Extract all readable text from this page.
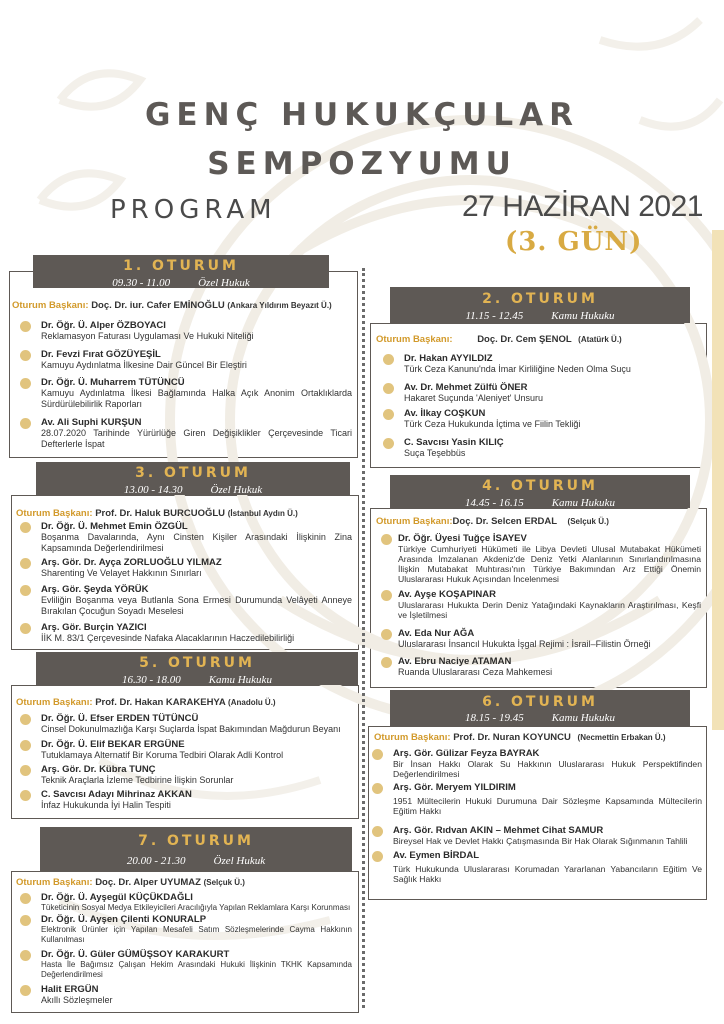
GENÇ HUKUKÇULAR
SEMPOZYUMU
PROGRAM	27 HAZİRAN 2021
(3. GÜN)
1. OTURUM
09.30 - 11.00	Özel Hukuk
Oturum Başkanı: Doç. Dr. iur. Cafer EMİNOĞLU (Ankara Yıldırım Beyazıt Ü.)
Dr. Öğr. Ü. Alper ÖZBOYACI
Reklamasyon Faturası Uygulaması Ve Hukuki Niteliği
Dr. Fevzi Fırat GÖZÜYEŞİL
Kamuyu Aydınlatma İlkesine Dair Güncel Bir Eleştiri
Dr. Öğr. Ü. Muharrem TÜTÜNCÜ
Kamuyu Aydınlatma İlkesi Bağlamında Halka Açık Anonim Ortaklıklarda Sürdürülebilirlik Raporları
Av. Ali Suphi KURŞUN
28.07.2020 Tarihinde Yürürlüğe Giren Değişiklikler Çerçevesinde Ticari Defterlerle İspat
3. OTURUM
13.00 - 14.30	Özel Hukuk
Oturum Başkanı: Prof. Dr. Haluk BURCUOĞLU (İstanbul Aydın Ü.)
Dr. Öğr. Ü. Mehmet Emin ÖZGÜL
Boşanma Davalarında, Aynı Cinsten Kişiler Arasındaki İlişkinin Zina Kapsamında Değerlendirilmesi
Arş. Gör. Dr. Ayça ZORLUOĞLU YILMAZ
Sharenting Ve Velayet Hakkının Sınırları
Arş. Gör. Şeyda YÖRÜK
Evliliğin Boşanma veya Butlanla Sona Ermesi Durumunda Velâyeti Anneye Bırakılan Çocuğun Soyadı Meselesi
Arş. Gör. Burçin YAZICI
İİK M. 83/1 Çerçevesinde Nafaka Alacaklarının Haczedilebilirliği
5. OTURUM
16.30 - 18.00	Kamu Hukuku
Oturum Başkanı: Prof. Dr. Hakan KARAKEHYA (Anadolu Ü.)
Dr. Öğr. Ü. Efser ERDEN TÜTÜNCÜ
Cinsel Dokunulmazlığa Karşı Suçlarda İspat Bakımından Mağdurun Beyanı
Dr. Öğr. Ü. Elif BEKAR ERGÜNE
Tutuklamaya Alternatif Bir Koruma Tedbiri Olarak Adli Kontrol
Arş. Gör. Dr. Kübra TUNÇ
Teknik Araçlarla İzleme Tedbirine İlişkin Sorunlar
C. Savcısı Adayı Mihrinaz AKKAN
İnfaz Hukukunda İyi Halin Tespiti
7. OTURUM
20.00 - 21.30	Özel Hukuk
Oturum Başkanı: Doç. Dr. Alper UYUMAZ (Selçuk Ü.)
Dr. Öğr. Ü. Ayşegül KÜÇÜKDAĞLI
Tüketicinin Sosyal Medya Etkileyicileri Aracılığıyla Yapılan Reklamlara Karşı Korunması
Dr. Öğr. Ü. Ayşen Çilenti KONURALP
Elektronik Ürünler için Yapılan Mesafeli Satım Sözleşmelerinde Cayma Hakkının Kullanılması
Dr. Öğr. Ü. Güler GÜMÜŞSOY KARAKURT
Hasta İle Bağımsız Çalışan Hekim Arasındaki Hukuki İlişkinin TKHK Kapsamında Değerlendirilmesi
Halit ERGÜN
Akıllı Sözleşmeler
2. OTURUM
11.15 - 12.45	Kamu Hukuku
Oturum Başkanı:	Doç. Dr. Cem ŞENOL (Atatürk Ü.)
Dr. Hakan AYYILDIZ
Türk Ceza Kanunu'nda İmar Kirliliğine Neden Olma Suçu
Av. Dr. Mehmet Zülfü ÖNER
Hakaret Suçunda 'Aleniyet' Unsuru
Av. İlkay COŞKUN
Türk Ceza Hukukunda İçtima ve Fiilin Tekliği
C. Savcısı Yasin KILIÇ
Suça Teşebbüs
4. OTURUM
14.45 - 16.15	Kamu Hukuku
Oturum Başkanı:Doç. Dr. Selcen ERDAL (Selçuk Ü.)
Dr. Öğr. Üyesi Tuğçe İSAYEV
Türkiye Cumhuriyeti Hükümeti ile Libya Devleti Ulusal Mutabakat Hükümeti Arasında İmzalanan Akdeniz'de Deniz Yetki Alanlarının Sınırlandırılmasına İlişkin Mutabakat Muhtırası'nın Türkiye Bakımından Arz Ettiği Önemin Uluslararası Hukuk Açısından İncelenmesi
Av. Ayşe KOŞAPINAR
Uluslararası Hukukta Derin Deniz Yatağındaki Kaynakların Araştırılması, Keşfi ve İşletilmesi
Av. Eda Nur AĞA
Uluslararası İnsancıl Hukukta İşgal Rejimi : İsrail–Filistin Örneği
Av. Ebru Naciye ATAMAN
Ruanda Uluslararası Ceza Mahkemesi
6. OTURUM
18.15 - 19.45	Kamu Hukuku
Oturum Başkanı: Prof. Dr. Nuran KOYUNCU (Necmettin Erbakan Ü.)
Arş. Gör. Gülizar Feyza BAYRAK
Bir İnsan Hakkı Olarak Su Hakkının Uluslararası Hukuk Perspektifinden Değerlendirilmesi
Arş. Gör. Meryem YILDIRIM
1951 Mültecilerin Hukuki Durumuna Dair Sözleşme Kapsamında Mültecilerin Eğitim Hakkı
Arş. Gör. Rıdvan AKIN – Mehmet Cihat SAMUR
Bireysel Hak ve Devlet Hakkı Çatışmasında Bir Hak Olarak Sığınmanın Tahlili
Av. Eymen BİRDAL
Türk Hukukunda Uluslararası Korumadan Yararlanan Yabancıların Eğitim Ve Sağlık Hakkı
